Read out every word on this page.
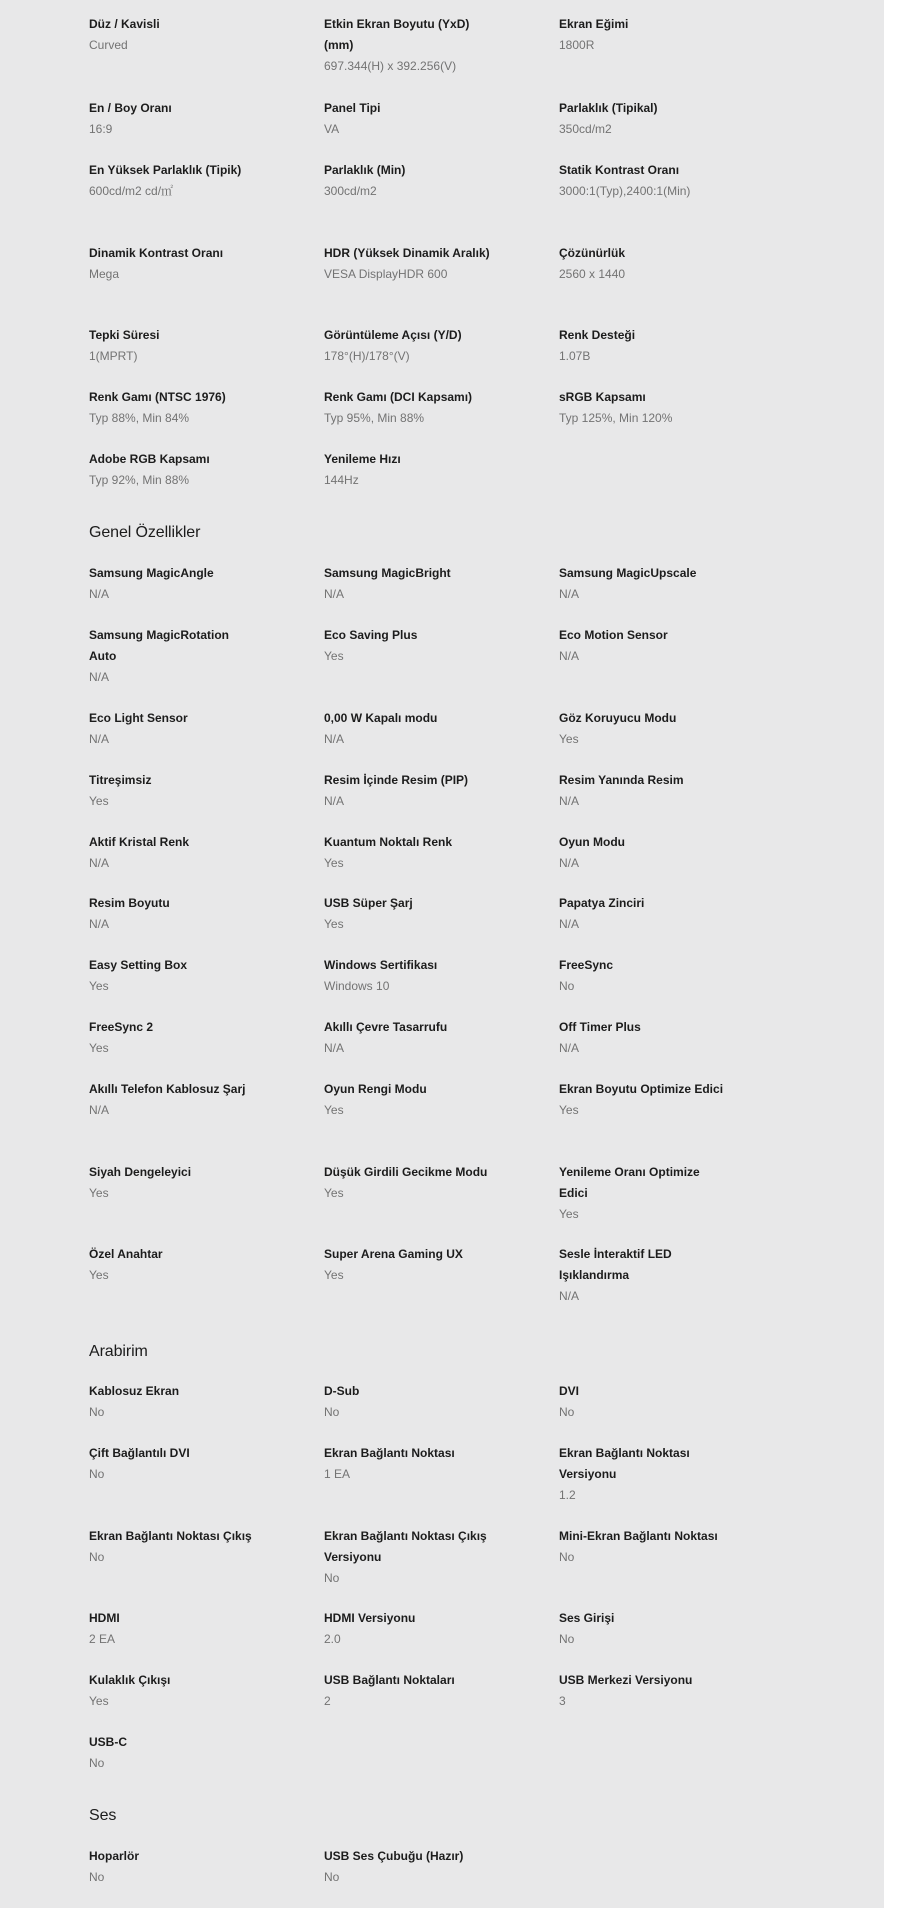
Düz / Kavisli
Curved
Etkin Ekran Boyutu (YxD) (mm)
697.344(H) x 392.256(V)
Ekran Eğimi
1800R
En / Boy Oranı
16:9
Panel Tipi
VA
Parlaklık (Tipikal)
350cd/m2
En Yüksek Parlaklık (Tipik)
600cd/m2 cd/㎡
Parlaklık (Min)
300cd/m2
Statik Kontrast Oranı
3000:1(Typ),2400:1(Min)
Dinamik Kontrast Oranı
Mega
HDR (Yüksek Dinamik Aralık)
VESA DisplayHDR 600
Çözünürlük
2560 x 1440
Tepki Süresi
1(MPRT)
Görüntüleme Açısı (Y/D)
178°(H)/178°(V)
Renk Desteği
1.07B
Renk Gamı (NTSC 1976)
Typ 88%, Min 84%
Renk Gamı (DCI Kapsamı)
Typ 95%, Min 88%
sRGB Kapsamı
Typ 125%, Min 120%
Adobe RGB Kapsamı
Typ 92%, Min 88%
Yenileme Hızı
144Hz
Genel Özellikler
Samsung MagicAngle
N/A
Samsung MagicBright
N/A
Samsung MagicUpscale
N/A
Samsung MagicRotation Auto
N/A
Eco Saving Plus
Yes
Eco Motion Sensor
N/A
Eco Light Sensor
N/A
0,00 W Kapalı modu
N/A
Göz Koruyucu Modu
Yes
Titreşimsiz
Yes
Resim İçinde Resim (PIP)
N/A
Resim Yanında Resim
N/A
Aktif Kristal Renk
N/A
Kuantum Noktalı Renk
Yes
Oyun Modu
N/A
Resim Boyutu
N/A
USB Süper Şarj
Yes
Papatya Zinciri
N/A
Easy Setting Box
Yes
Windows Sertifikası
Windows 10
FreeSync
No
FreeSync 2
Yes
Akıllı Çevre Tasarrufu
N/A
Off Timer Plus
N/A
Akıllı Telefon Kablosuz Şarj
N/A
Oyun Rengi Modu
Yes
Ekran Boyutu Optimize Edici
Yes
Siyah Dengeleyici
Yes
Düşük Girdili Gecikme Modu
Yes
Yenileme Oranı Optimize Edici
Yes
Özel Anahtar
Yes
Super Arena Gaming UX
Yes
Sesle İnteraktif LED Işıklandırma
N/A
Arabirim
Kablosuz Ekran
No
D-Sub
No
DVI
No
Çift Bağlantılı DVI
No
Ekran Bağlantı Noktası
1 EA
Ekran Bağlantı Noktası Versiyonu
1.2
Ekran Bağlantı Noktası Çıkış
No
Ekran Bağlantı Noktası Çıkış Versiyonu
No
Mini-Ekran Bağlantı Noktası
No
HDMI
2 EA
HDMI Versiyonu
2.0
Ses Girişi
No
Kulaklık Çıkışı
Yes
USB Bağlantı Noktaları
2
USB Merkezi Versiyonu
3
USB-C
No
Ses
Hoparlör
No
USB Ses Çubuğu (Hazır)
No
